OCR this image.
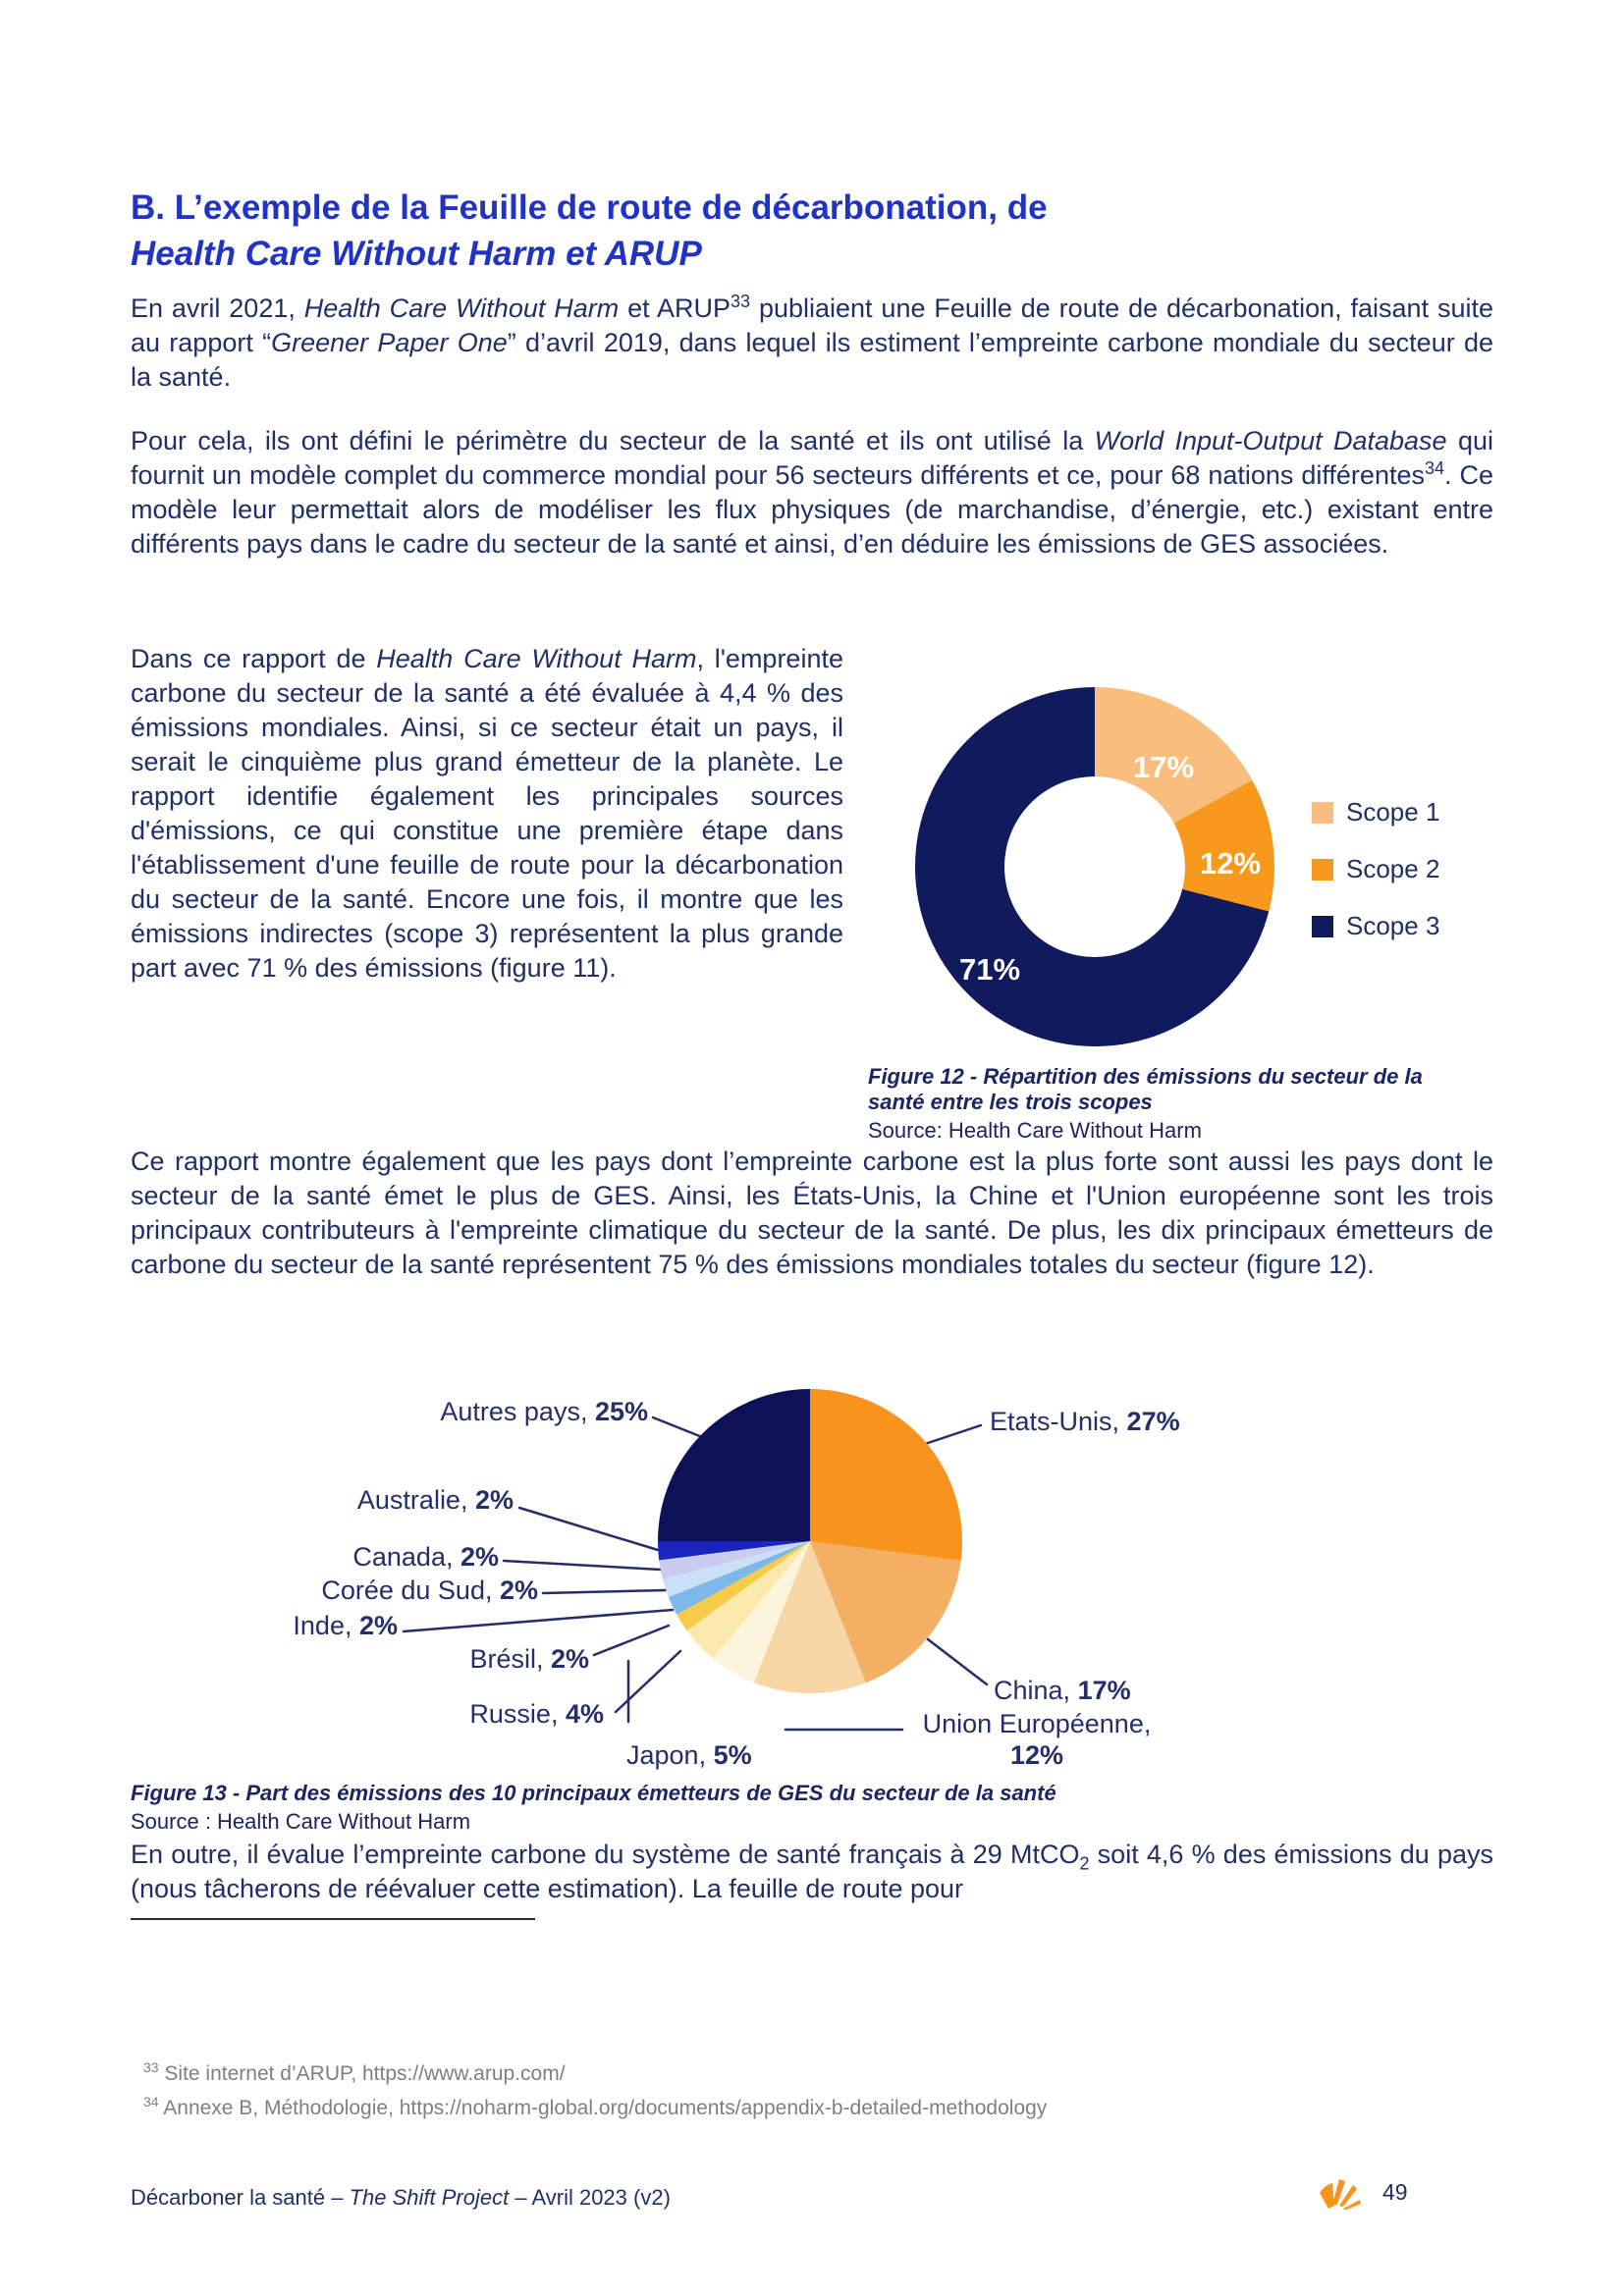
B. L’exemple de la Feuille de route de décarbonation, de
Health Care Without Harm et ARUP

En avril 2021, Health Care Without Harm et ARUP$^{33}$ publiaient une Feuille de route de décarbonation, faisant suite au rapport “Greener Paper One” d’avril 2019, dans lequel ils estiment l’empreinte carbone mondiale du secteur de la santé.

Pour cela, ils ont défini le périmètre du secteur de la santé et ils ont utilisé la World Input-Output Database qui fournit un modèle complet du commerce mondial pour 56 secteurs différents et ce, pour 68 nations différentes$^{34}$. Ce modèle leur permettait alors de modéliser les flux physiques (de marchandise, d’énergie, etc.) existant entre différents pays dans le cadre du secteur de la santé et ainsi, d’en déduire les émissions de GES associées.

Dans ce rapport de Health Care Without Harm, l'empreinte carbone du secteur de la santé a été évaluée à 4,4 % des émissions mondiales. Ainsi, si ce secteur était un pays, il serait le cinquième plus grand émetteur de la planète. Le rapport identifie également les principales sources d'émissions, ce qui constitue une première étape dans l'établissement d'une feuille de route pour la décarbonation du secteur de la santé. Encore une fois, il montre que les émissions indirectes (scope 3) représentent la plus grande part avec 71 % des émissions (figure 11).

17%
12%
71%
Scope 1
Scope 2
Scope 3
Figure 12 - Répartition des émissions du secteur de la santé entre les trois scopes
Source: Health Care Without Harm

Ce rapport montre également que les pays dont l’empreinte carbone est la plus forte sont aussi les pays dont le secteur de la santé émet le plus de GES. Ainsi, les États-Unis, la Chine et l'Union européenne sont les trois principaux contributeurs à l'empreinte climatique du secteur de la santé. De plus, les dix principaux émetteurs de carbone du secteur de la santé représentent 75 % des émissions mondiales totales du secteur (figure 12).

Autres pays, 25%	Etats-Unis, 27%
China, 17%
Union Européenne,
12%
Japon, 5%
Russie, 4%
Brésil, 2%
Inde, 2%
Corée du Sud, 2%
Canada, 2%
Australie, 2%
Figure 13 - Part des émissions des 10 principaux émetteurs de GES du secteur de la santé
Source : Health Care Without Harm

En outre, il évalue l’empreinte carbone du système de santé français à 29 MtCO$_2$ soit 4,6 % des émissions du pays (nous tâcherons de réévaluer cette estimation). La feuille de route pour

$^{33}$ Site internet d’ARUP, https://www.arup.com/
$^{34}$ Annexe B, Méthodologie, https://noharm-global.org/documents/appendix-b-detailed-methodology
Décarboner la santé – The Shift Project – Avril 2023 (v2)	49
